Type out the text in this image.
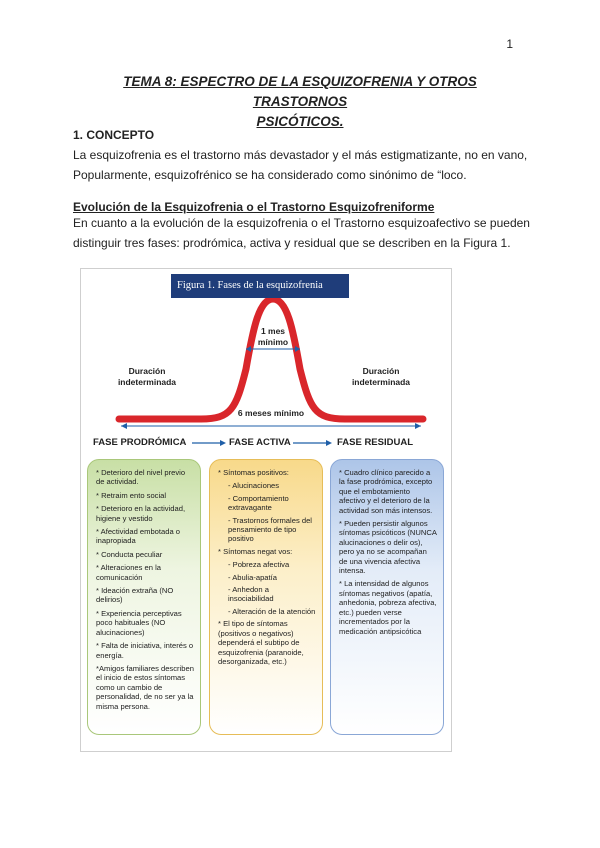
1
TEMA 8: ESPECTRO DE LA ESQUIZOFRENIA Y OTROS TRASTORNOS
PSICÓTICOS.
1. CONCEPTO
La esquizofrenia es el trastorno más devastador y el más estigmatizante, no en vano,
Popularmente, esquizofrénico se ha considerado como sinónimo de “loco.
Evolución de la Esquizofrenia o el Trastorno Esquizofreniforme
En cuanto a la evolución de la esquizofrenia o el Trastorno esquizoafectivo se pueden
distinguir tres fases: prodrómica, activa y residual que se describen en la Figura 1.
Figura 1. Fases de la esquizofrenia
1 mes
mínimo
Duración
indeterminada
Duración
indeterminada
6 meses mínimo
FASE PRODRÓMICA	FASE ACTIVA	FASE RESIDUAL
* Deterioro del nivel previo de actividad.
* Retraim ento social
* Deterioro en la actividad, higiene y vestido
* Afectividad embotada o inapropiada
* Conducta peculiar
* Alteraciones en la comunicación
* Ideación extraña (NO delirios)
* Experiencia perceptivas poco habituales (NO alucinaciones)
* Falta de iniciativa, interés o energía.
*Amigos familiares describen el inicio de estos síntomas como un cambio de personalidad, de no ser ya la misma persona.
* Síntomas positivos:
- Alucinaciones
- Comportamiento extravagante
- Trastornos formales del pensamiento de tipo positivo
* Síntomas negat vos:
- Pobreza afectiva
- Abulia-apatía
- Anhedon a insociabilidad
- Alteración de la atención
* El tipo de síntomas (positivos o negativos) dependerá el subtipo de esquizofrenia (paranoide, desorganizada, etc.)
* Cuadro clínico parecido a la fase prodrómica, excepto que el embotamiento afectivo y el deterioro de la actividad son más intensos.
* Pueden persistir algunos síntomas psicóticos (NUNCA alucinaciones o delir os), pero ya no se acompañan de una vivencia afectiva intensa.
* La intensidad de algunos síntomas negativos (apatía, anhedonia, pobreza afectiva, etc.) pueden verse incrementados por la medicación antipsicótica
